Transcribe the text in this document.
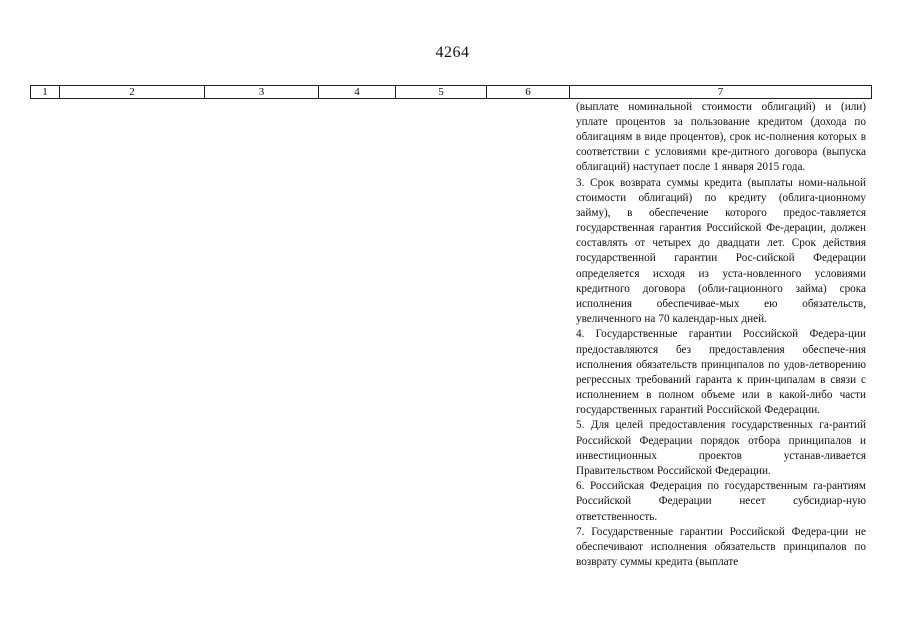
4264
1	2	3	4	5	6	7

(выплате номинальной стоимости облигаций) и (или) уплате процентов за пользование кредитом (дохода по облигациям в виде процентов), срок ис-полнения которых в соответствии с условиями кре-дитного договора (выпуска облигаций) наступает после 1 января 2015 года.

3. Срок возврата суммы кредита (выплаты номи-нальной стоимости облигаций) по кредиту (облига-ционному займу), в обеспечение которого предос-тавляется государственная гарантия Российской Фе-дерации, должен составлять от четырех до двадцати лет. Срок действия государственной гарантии Рос-сийской Федерации определяется исходя из уста-новленного условиями кредитного договора (обли-гационного займа) срока исполнения обеспечивае-мых ею обязательств, увеличенного на 70 календар-ных дней.

4. Государственные гарантии Российской Федера-ции предоставляются без предоставления обеспече-ния исполнения обязательств принципалов по удов-летворению регрессных требований гаранта к прин-ципалам в связи с исполнением в полном объеме или в какой-либо части государственных гарантий Российской Федерации.

5. Для целей предоставления государственных га-рантий Российской Федерации порядок отбора принципалов и инвестиционных проектов устанав-ливается Правительством Российской Федерации.

6. Российская Федерация по государственным га-рантиям Российской Федерации несет субсидиар-ную ответственность.

7. Государственные гарантии Российской Федера-ции не обеспечивают исполнения обязательств принципалов по возврату суммы кредита (выплате
